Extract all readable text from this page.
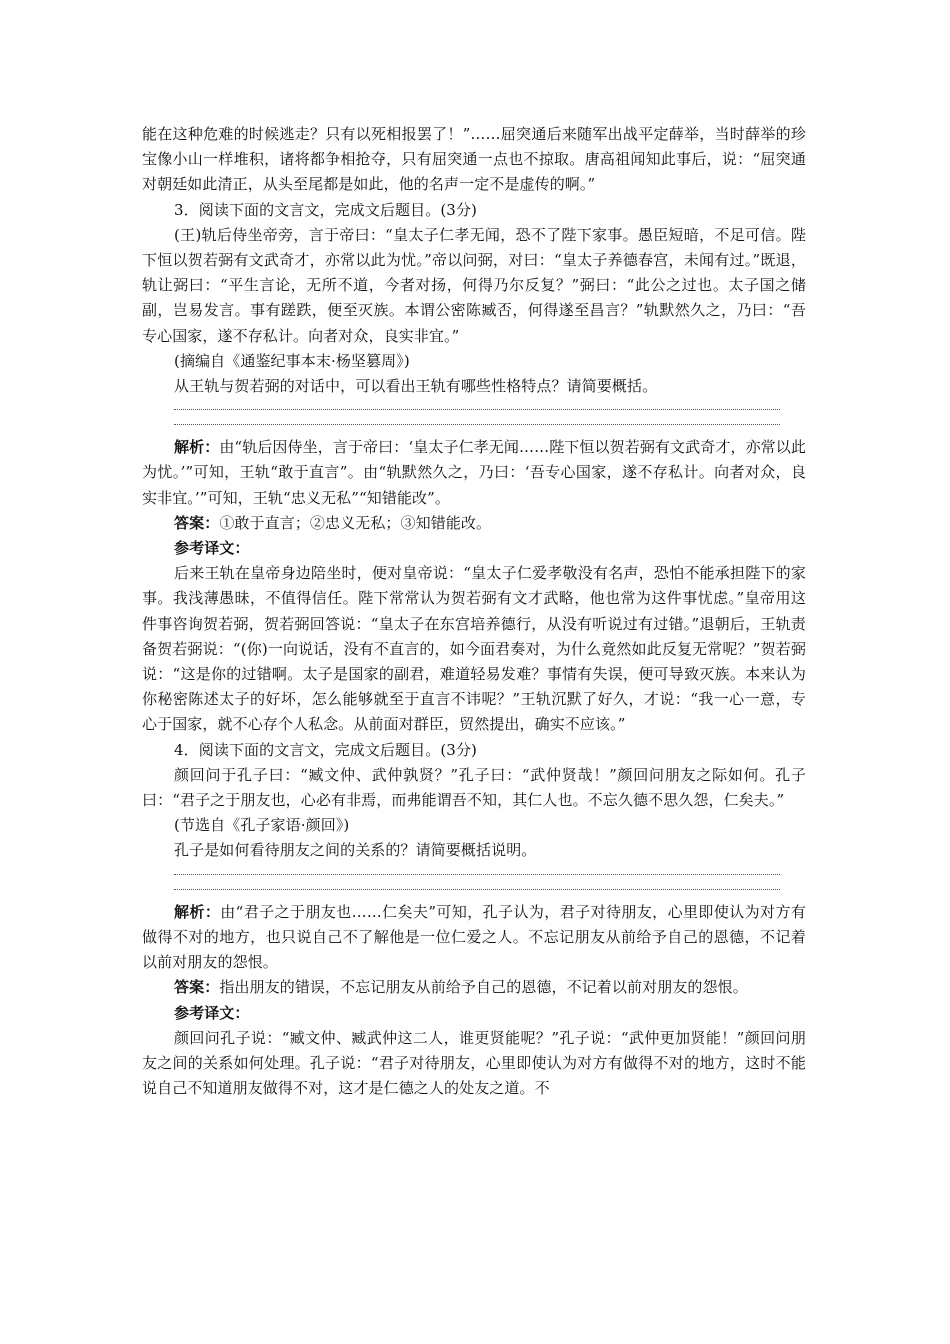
能在这种危难的时候逃走？只有以死相报罢了！”……屈突通后来随军出战平定薛举，当时薛举的珍宝像小山一样堆积，诸将都争相抢夺，只有屈突通一点也不掠取。唐高祖闻知此事后，说：“屈突通对朝廷如此清正，从头至尾都是如此，他的名声一定不是虚传的啊。”

3．阅读下面的文言文，完成文后题目。(3分)

(王)轨后侍坐帝旁，言于帝曰：“皇太子仁孝无闻，恐不了陛下家事。愚臣短暗，不足可信。陛下恒以贺若弼有文武奇才，亦常以此为忧。”帝以问弼，对曰：“皇太子养德春宫，未闻有过。”既退，轨让弼曰：“平生言论，无所不道，今者对扬，何得乃尔反复？”弼曰：“此公之过也。太子国之储副，岂易发言。事有蹉跌，便至灭族。本谓公密陈臧否，何得遂至昌言？”轨默然久之，乃曰：“吾专心国家，遂不存私计。向者对众，良实非宜。”

(摘编自《通鉴纪事本末·杨坚篡周》)

从王轨与贺若弼的对话中，可以看出王轨有哪些性格特点？请简要概括。

解析：由“轨后因侍坐，言于帝曰：‘皇太子仁孝无闻……陛下恒以贺若弼有文武奇才，亦常以此为忧。’”可知，王轨“敢于直言”。由“轨默然久之，乃曰：‘吾专心国家，遂不存私计。向者对众，良实非宜。’”可知，王轨“忠义无私”“知错能改”。

答案：①敢于直言；②忠义无私；③知错能改。

参考译文：

后来王轨在皇帝身边陪坐时，便对皇帝说：“皇太子仁爱孝敬没有名声，恐怕不能承担陛下的家事。我浅薄愚昧，不值得信任。陛下常常认为贺若弼有文才武略，他也常为这件事忧虑。”皇帝用这件事咨询贺若弼，贺若弼回答说：“皇太子在东宫培养德行，从没有听说过有过错。”退朝后，王轨责备贺若弼说：“(你)一向说话，没有不直言的，如今面君奏对，为什么竟然如此反复无常呢？”贺若弼说：“这是你的过错啊。太子是国家的副君，难道轻易发难？事情有失误，便可导致灭族。本来认为你秘密陈述太子的好坏，怎么能够就至于直言不讳呢？”王轨沉默了好久，才说：“我一心一意，专心于国家，就不心存个人私念。从前面对群臣，贸然提出，确实不应该。”

4．阅读下面的文言文，完成文后题目。(3分)

颜回问于孔子曰：“臧文仲、武仲孰贤？”孔子曰：“武仲贤哉！”颜回问朋友之际如何。孔子曰：“君子之于朋友也，心必有非焉，而弗能谓吾不知，其仁人也。不忘久德不思久怨，仁矣夫。”

(节选自《孔子家语·颜回》)

孔子是如何看待朋友之间的关系的？请简要概括说明。

解析：由“君子之于朋友也……仁矣夫”可知，孔子认为，君子对待朋友，心里即使认为对方有做得不对的地方，也只说自己不了解他是一位仁爱之人。不忘记朋友从前给予自己的恩德，不记着以前对朋友的怨恨。

答案：指出朋友的错误，不忘记朋友从前给予自己的恩德，不记着以前对朋友的怨恨。

参考译文：

颜回问孔子说：“臧文仲、臧武仲这二人，谁更贤能呢？”孔子说：“武仲更加贤能！”颜回问朋友之间的关系如何处理。孔子说：“君子对待朋友，心里即使认为对方有做得不对的地方，这时不能说自己不知道朋友做得不对，这才是仁德之人的处友之道。不
